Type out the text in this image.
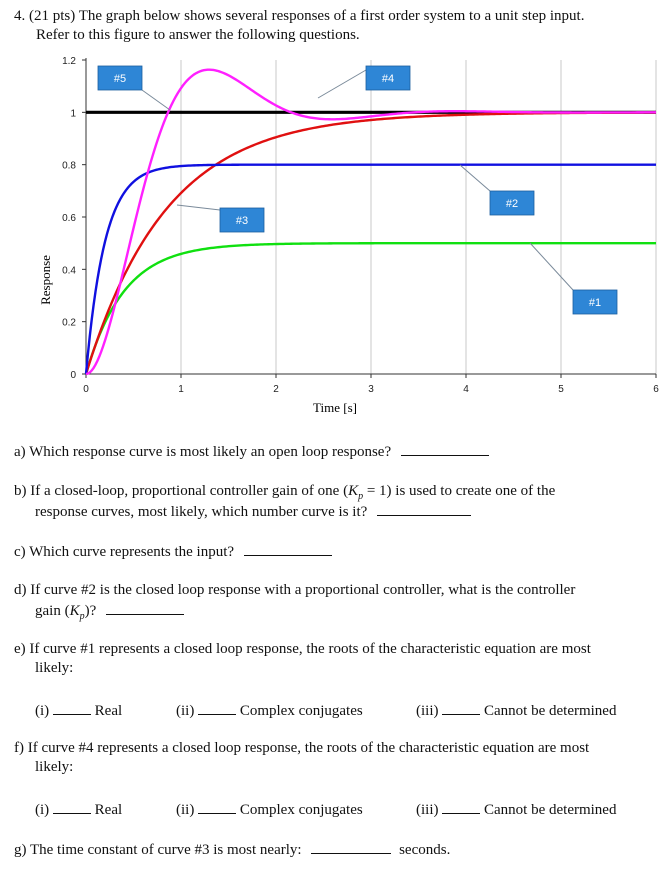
4. (21 pts) The graph below shows several responses of a first order system to a unit step input.
Refer to this figure to answer the following questions.
0	1	2	3	4	5	6
0
0.2
0.4
0.6
0.8
1
1.2
#5	#4
#3
#2
#1
Time [s]
Response
a) Which response curve is most likely an open loop response?
b) If a closed-loop, proportional controller gain of one $(K_p = 1)$ is used to create one of the
response curves, most likely, which number curve is it?
c) Which curve represents the input?
d) If curve #2 is the closed loop response with a proportional controller, what is the controller
gain $(K_p)$?
e) If curve #1 represents a closed loop response, the roots of the characteristic equation are most
likely:
(i)	Real	(ii)	Complex conjugates	(iii)	Cannot be determined
f) If curve #4 represents a closed loop response, the roots of the characteristic equation are most
likely:
(i)	Real	(ii)	Complex conjugates	(iii)	Cannot be determined
g) The time constant of curve #3 is most nearly:	seconds.
